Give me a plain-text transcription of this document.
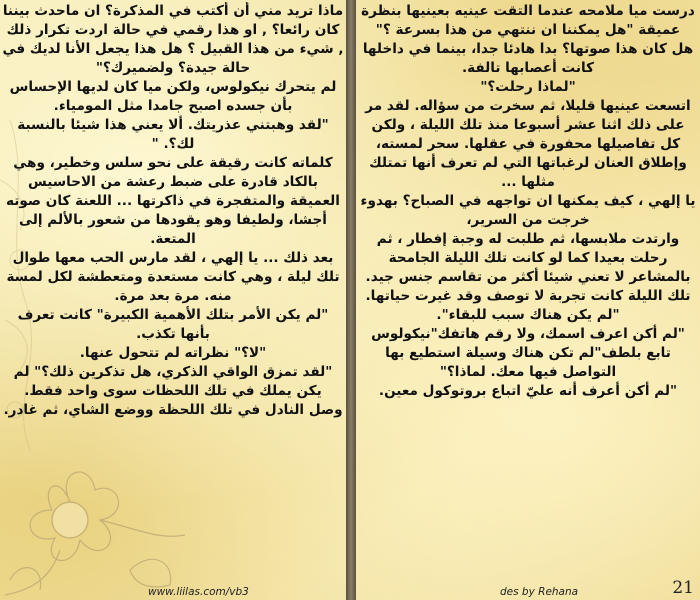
درست ميا ملامحه عندما التقت عينيه بعينيها بنظرة عميقة "هل يمكننا ان ننتهي من هذا بسرعة ؟"

هل كان هذا صوتها؟ بدا هادئا جدا، بينما في داخلها كانت أعصابها تالفة.

"لماذا رحلت؟"

اتسعت عينيها قليلا، ثم سخرت من سؤاله. لقد مر على ذلك اثنا عشر أسبوعا منذ تلك الليلة ، ولكن كل تفاصيلها محفورة في عقلها. سحر لمسته، وإطلاق العنان لرغباتها التي لم تعرف أنها تمتلك مثلها ...

يا إلهي ، كيف يمكنها ان تواجهه في الصباح؟ بهدوء خرجت من السرير،

وارتدت ملابسها، ثم طلبت له وجبة إفطار ، ثم رحلت بعيدا كما لو كانت تلك الليلة الجامحة بالمشاعر لا تعني شيئا أكثر من تقاسم جنس جيد. تلك الليلة كانت تجربة لا توصف وقد غيرت حياتها.

"لم يكن هناك سبب للبقاء".

"لم أكن اعرف اسمك، ولا رقم هاتفك"نيكولوس تابع بلطف"لم تكن هناك وسيلة استطيع بها التواصل فيها معك. لماذا؟"

"لم أكن أعرف أنه عليّ اتباع بروتوكول معين.

ماذا تريد مني أن أكتب في المذكرة؟ ان ماحدث بيننا كان رائعا؟ , او هذا رقمي في حالة اردت تكرار ذلك , شيء من هذا القبيل ؟ هل هذا يجعل الأنا لديك في حالة جيدة؟ ولضميرك؟"

لم يتحرك نيكولوس، ولكن ميا كان لديها الإحساس بأن جسده اصبح جامدا مثل المومياء.

"لقد وهبتني عذريتك. ألا يعني هذا شيئا بالنسبة لك؟. "

كلماته كانت رقيقة على نحو سلس وخطير، وهي بالكاد قادرة على ضبط رعشة من الاحاسيس العميقة والمتفجرة في ذاكرتها ... اللعنة كان صوته أجشا، ولطيفا وهو يقودها من شعور بالألم إلى المتعة.

بعد ذلك ... يا إلهي ، لقد مارس الحب معها طوال تلك ليلة ، وهي كانت مستعدة ومتعطشة لكل لمسة منه. مرة بعد مرة.

"لم يكن الأمر بتلك الأهمية الكبيرة" كانت تعرف بأنها تكذب.

"لا؟" نظراته لم تتحول عنها.

"لقد تمزق الواقي الذكري، هل تذكرين ذلك؟" لم يكن يملك في تلك اللحظات سوى واحد فقط.

وصل النادل في تلك اللحظة ووضع الشاي، ثم غادر.

www.liilas.com/vb3	des by Rehana	21
